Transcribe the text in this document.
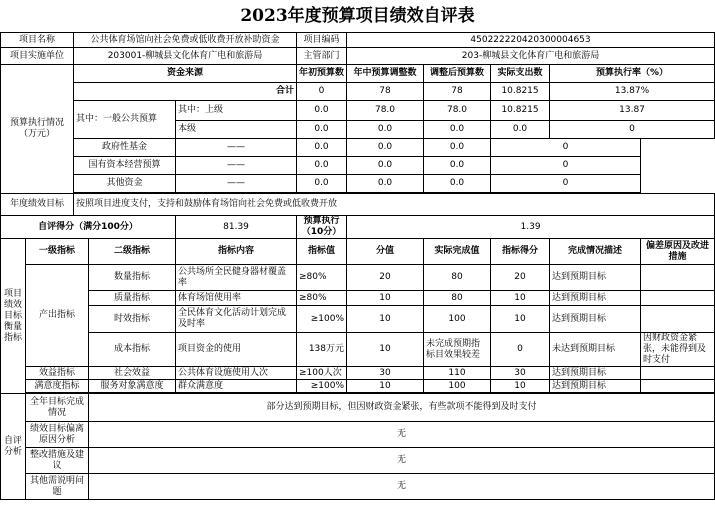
2023年度预算项目绩效自评表
项目名称		公共体育场馆向社会免费或低收费开放补助资金			项目编码	450222220420300004653				
项目实施单位		203001-柳城县文化体育广电和旅游局			主管部门	203-柳城县文化体育广电和旅游局				
预算执行情况（万元）		资金来源			年初预算数	年中预算调整数	调整后预算数	实际支出数	预算执行率（%）	
		合计			0	78	78	10.8215	13.87%	
		其中：一般公共预算		其中：上级	0.0	78.0	78.0	10.8215	13.87	
				本级	0.0	0.0	0.0	0.0	0	
		政府性基金		——	0.0	0.0	0.0	0		
		国有资本经营预算		——	0.0	0.0	0.0	0		
		其他资金		——	0.0	0.0	0.0	0		

年度绩效目标		按照项目进度支付，支持和鼓励体育场馆向社会免费或低收费开放								
自评得分（满分100分）				81.39	预算执行（10分）	1.39				
项目绩效目标衡量指标	一级指标		二级指标	指标内容	指标值	分值	实际完成值	指标得分	完成情况描述	偏差原因及改进措施
	产出指标		数量指标	公共场所全民健身器材覆盖率	≥80%	20	80	20	达到预期目标	
			质量指标	体育场馆使用率	≥80%	10	80	10	达到预期目标	
			时效指标	全民体育文化活动计划完成及时率	≥100%	10	100	10	达到预期目标	
			成本指标	项目资金的使用	138万元	10	未完成预期指标目效果较差	0	未达到预期目标	因财政资金紧张，未能得到及时支付
	效益指标		社会效益	公共体育设施使用人次	≥100人次	30	110	30	达到预期目标	
	满意度指标		服务对象满意度	群众满意度	≥100%	10	100	10	达到预期目标	

自评分析	全年目标完成情况		部分达到预期目标，但因财政资金紧张，有些款项不能得到及时支付							
	绩效目标偏离原因分析		无							
	整改措施及建议		无							
	其他需说明问题		无							
